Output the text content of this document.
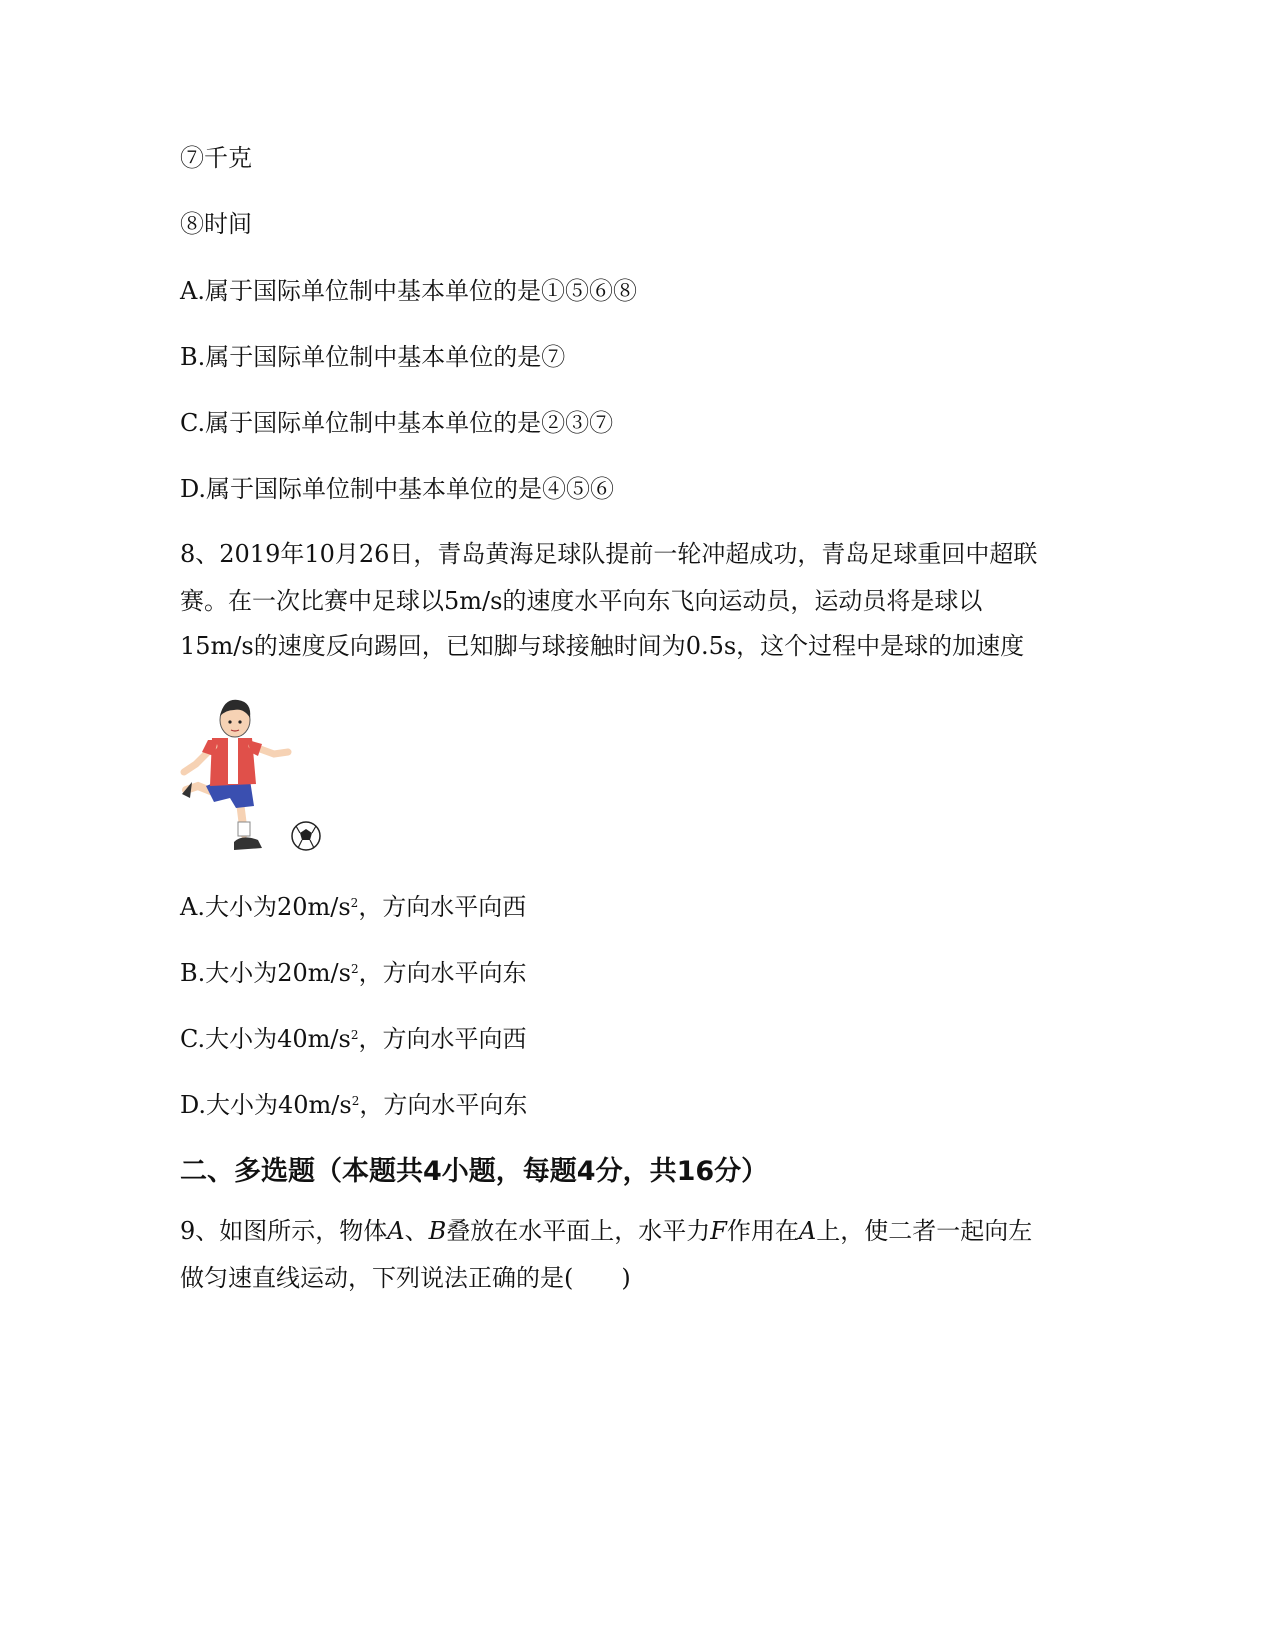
⑦千克
⑧时间
A.属于国际单位制中基本单位的是①⑤⑥⑧
B.属于国际单位制中基本单位的是⑦
C.属于国际单位制中基本单位的是②③⑦
D.属于国际单位制中基本单位的是④⑤⑥
8、2019年10月26日，青岛黄海足球队提前一轮冲超成功，青岛足球重回中超联
赛。在一次比赛中足球以5m/s的速度水平向东飞向运动员，运动员将是球以
15m/s的速度反向踢回，已知脚与球接触时间为0.5s，这个过程中是球的加速度
A.大小为$20m/s^2$，方向水平向西
B.大小为$20m/s^2$，方向水平向东
C.大小为$40m/s^2$，方向水平向西
D.大小为$40m/s^2$，方向水平向东
二、多选题（本题共4小题，每题4分，共16分）
9、如图所示，物体A、B叠放在水平面上，水平力F作用在A上，使二者一起向左
做匀速直线运动，下列说法正确的是(　　)
